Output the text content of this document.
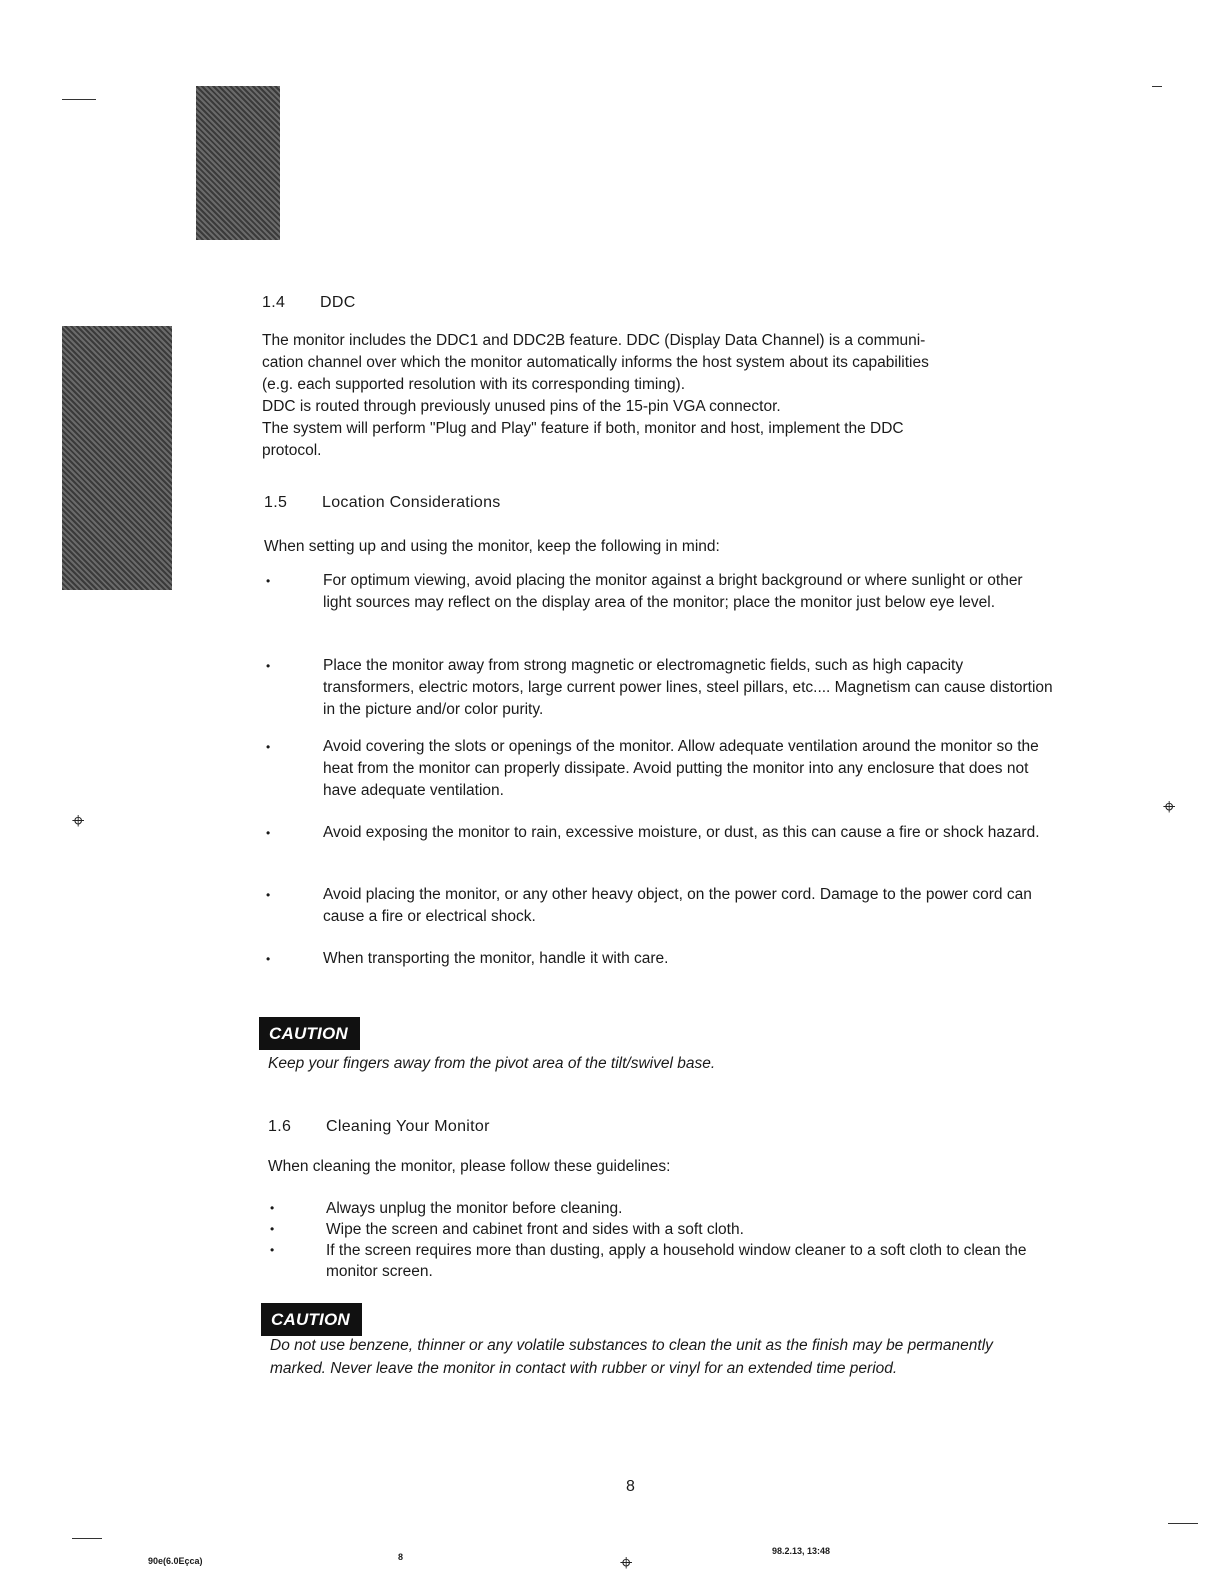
⌖
⌖
1.4 DDC
The monitor includes the DDC1 and DDC2B feature. DDC (Display Data Channel) is a communi-
cation channel over which the monitor automatically informs the host system about its capabilities
(e.g. each supported resolution with its corresponding timing).
DDC is routed through previously unused pins of the 15-pin VGA connector.
The system will perform "Plug and Play" feature if both, monitor and host, implement the DDC
protocol.
1.5 Location Considerations
When setting up and using the monitor, keep the following in mind:
•	For optimum viewing, avoid placing the monitor against a bright background or where sunlight or other light sources may reflect on the display area of the monitor; place the monitor just below eye level.
•	Place the monitor away from strong magnetic or electromagnetic fields, such as high capacity transformers, electric motors, large current power lines, steel pillars, etc.... Magnetism can cause distortion in the picture and/or color purity.
•	Avoid covering the slots or openings of the monitor. Allow adequate ventilation around the monitor so the heat from the monitor can properly dissipate. Avoid putting the monitor into any enclosure that does not have adequate ventilation.
•	Avoid exposing the monitor to rain, excessive moisture, or dust, as this can cause a fire or shock hazard.
•	Avoid placing the monitor, or any other heavy object, on the power cord. Damage to the power cord can cause a fire or electrical shock.
•	When transporting the monitor, handle it with care.
CAUTION
Keep your fingers away from the pivot area of the tilt/swivel base.
1.6 Cleaning Your Monitor
When cleaning the monitor, please follow these guidelines:
•	Always unplug the monitor before cleaning.
•	Wipe the screen and cabinet front and sides with a soft cloth.
•	If the screen requires more than dusting, apply a household window cleaner to a soft cloth to clean the monitor screen.
CAUTION
Do not use benzene, thinner or any volatile substances to clean the unit as the finish may be permanently marked. Never leave the monitor in contact with rubber or vinyl for an extended time period.
8
90e(6.0Eçca)	8	⌖	98.2.13, 13:48
